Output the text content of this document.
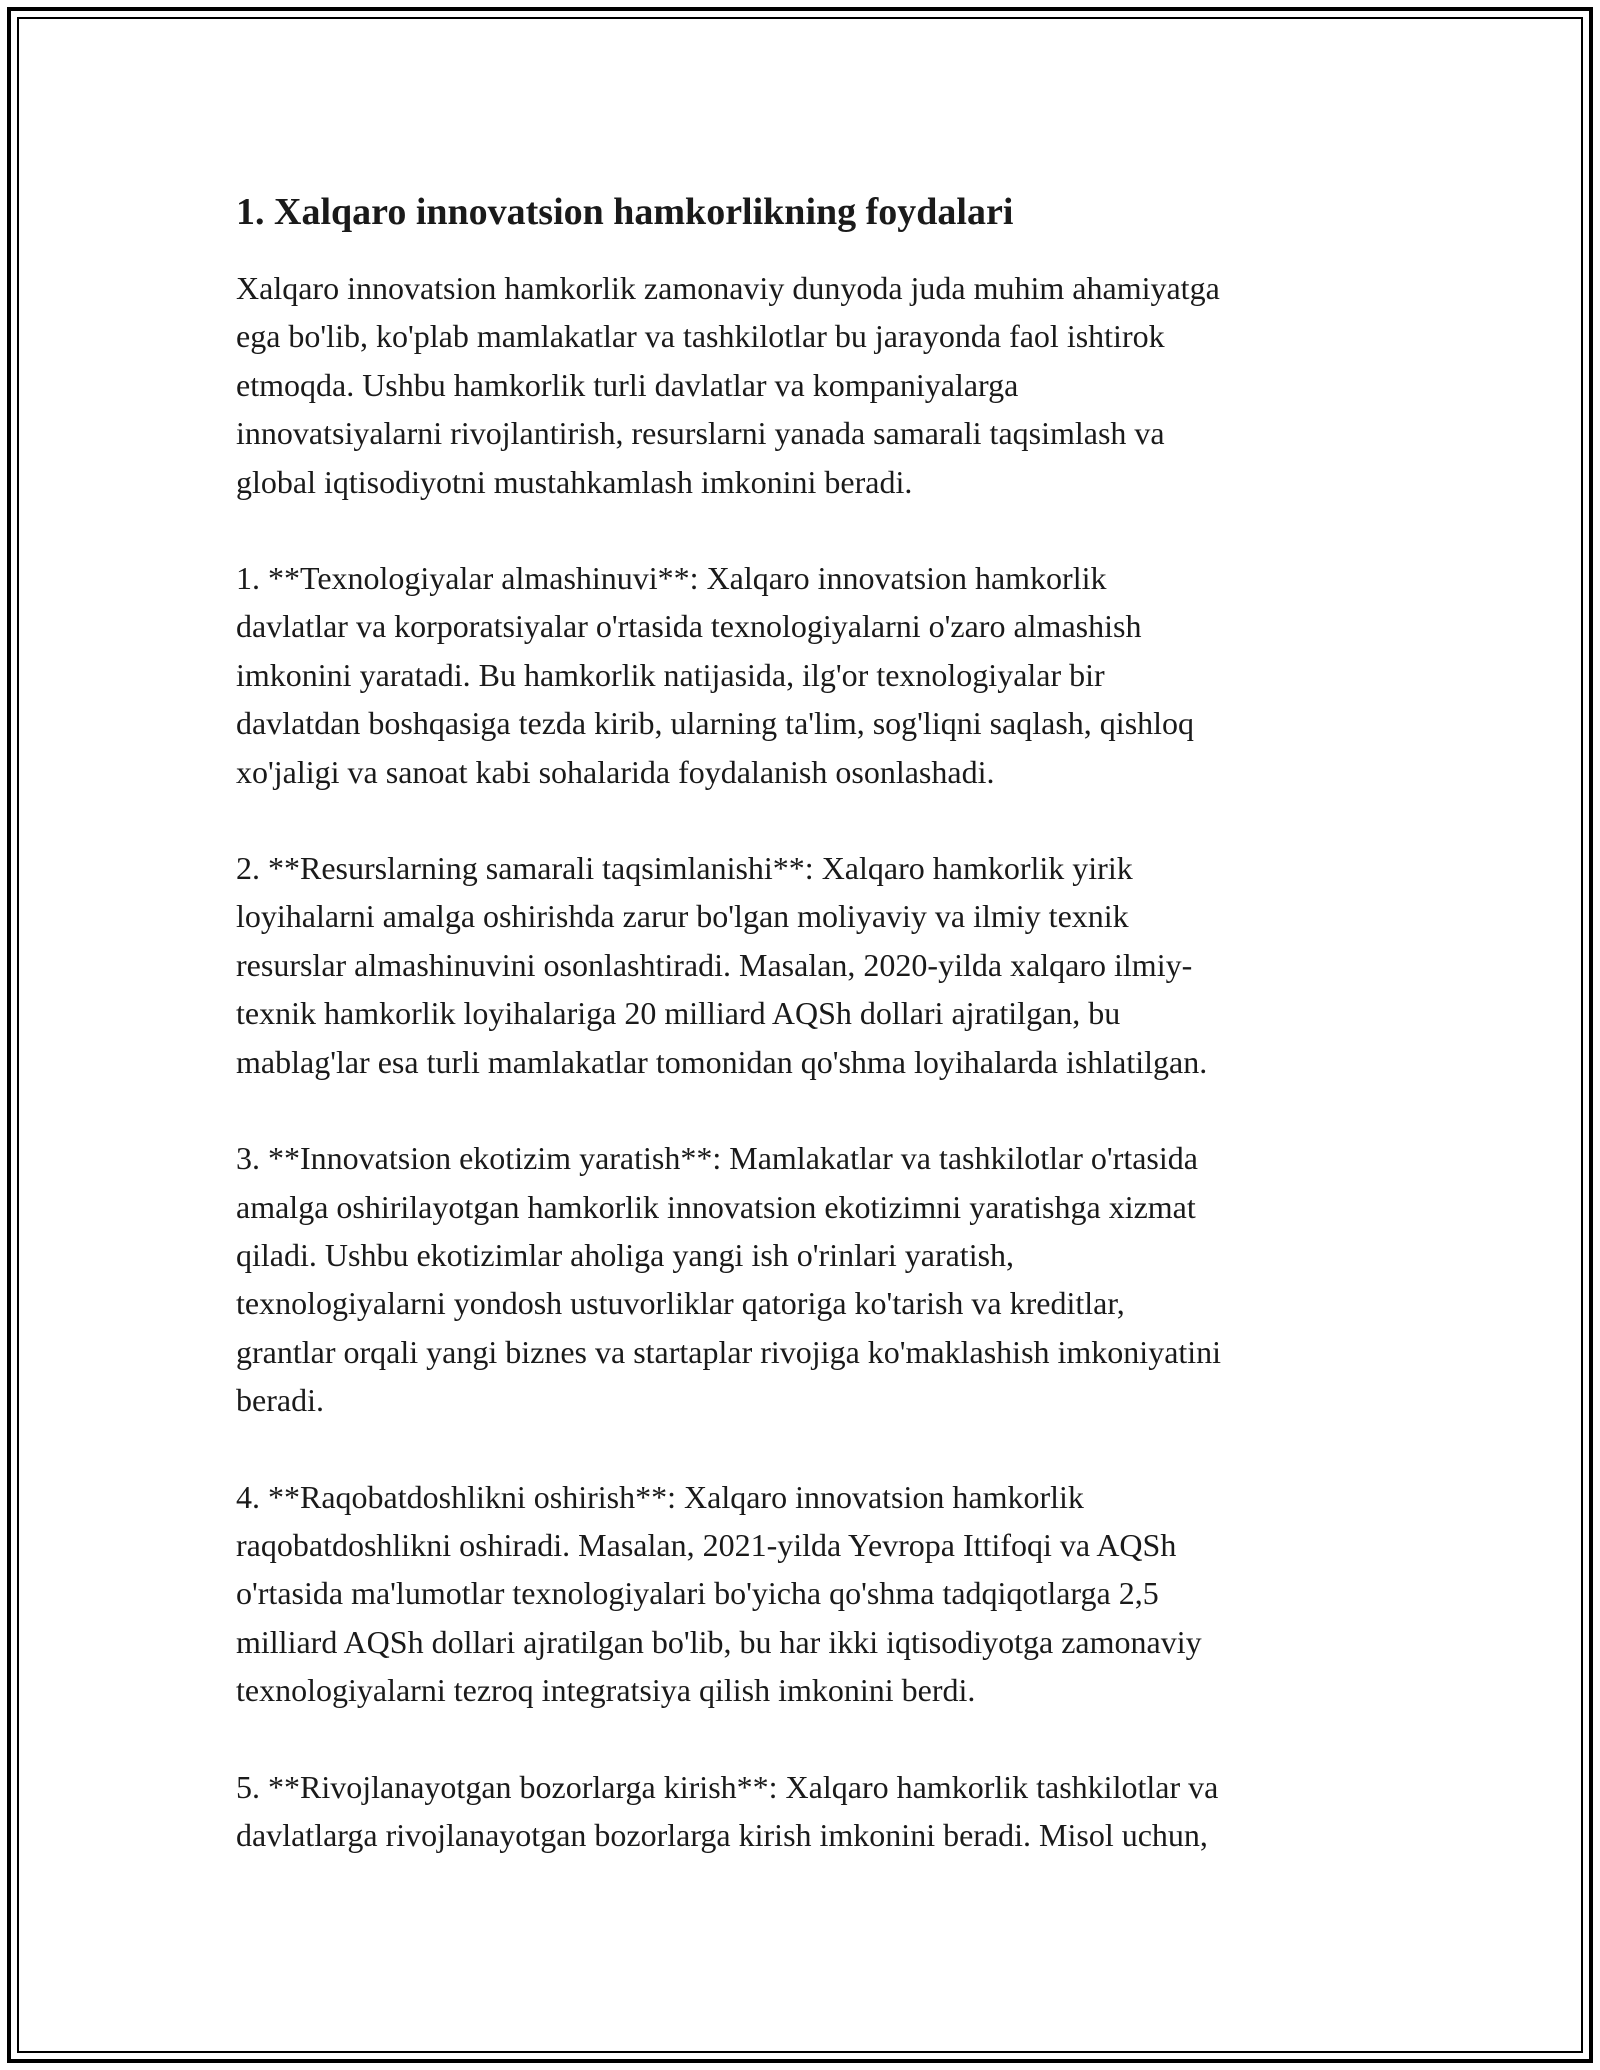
1. Xalqaro innovatsion hamkorlikning foydalari

Xalqaro innovatsion hamkorlik zamonaviy dunyoda juda muhim ahamiyatga
ega bo'lib, ko'plab mamlakatlar va tashkilotlar bu jarayonda faol ishtirok
etmoqda. Ushbu hamkorlik turli davlatlar va kompaniyalarga
innovatsiyalarni rivojlantirish, resurslarni yanada samarali taqsimlash va
global iqtisodiyotni mustahkamlash imkonini beradi.

1. **Texnologiyalar almashinuvi**: Xalqaro innovatsion hamkorlik
davlatlar va korporatsiyalar o'rtasida texnologiyalarni o'zaro almashish
imkonini yaratadi. Bu hamkorlik natijasida, ilg'or texnologiyalar bir
davlatdan boshqasiga tezda kirib, ularning ta'lim, sog'liqni saqlash, qishloq
xo'jaligi va sanoat kabi sohalarida foydalanish osonlashadi.

2. **Resurslarning samarali taqsimlanishi**: Xalqaro hamkorlik yirik
loyihalarni amalga oshirishda zarur bo'lgan moliyaviy va ilmiy texnik
resurslar almashinuvini osonlashtiradi. Masalan, 2020-yilda xalqaro ilmiy-
texnik hamkorlik loyihalariga 20 milliard AQSh dollari ajratilgan, bu
mablag'lar esa turli mamlakatlar tomonidan qo'shma loyihalarda ishlatilgan.

3. **Innovatsion ekotizim yaratish**: Mamlakatlar va tashkilotlar o'rtasida
amalga oshirilayotgan hamkorlik innovatsion ekotizimni yaratishga xizmat
qiladi. Ushbu ekotizimlar aholiga yangi ish o'rinlari yaratish,
texnologiyalarni yondosh ustuvorliklar qatoriga ko'tarish va kreditlar,
grantlar orqali yangi biznes va startaplar rivojiga ko'maklashish imkoniyatini
beradi.

4. **Raqobatdoshlikni oshirish**: Xalqaro innovatsion hamkorlik
raqobatdoshlikni oshiradi. Masalan, 2021-yilda Yevropa Ittifoqi va AQSh
o'rtasida ma'lumotlar texnologiyalari bo'yicha qo'shma tadqiqotlarga 2,5
milliard AQSh dollari ajratilgan bo'lib, bu har ikki iqtisodiyotga zamonaviy
texnologiyalarni tezroq integratsiya qilish imkonini berdi.

5. **Rivojlanayotgan bozorlarga kirish**: Xalqaro hamkorlik tashkilotlar va
davlatlarga rivojlanayotgan bozorlarga kirish imkonini beradi. Misol uchun,
